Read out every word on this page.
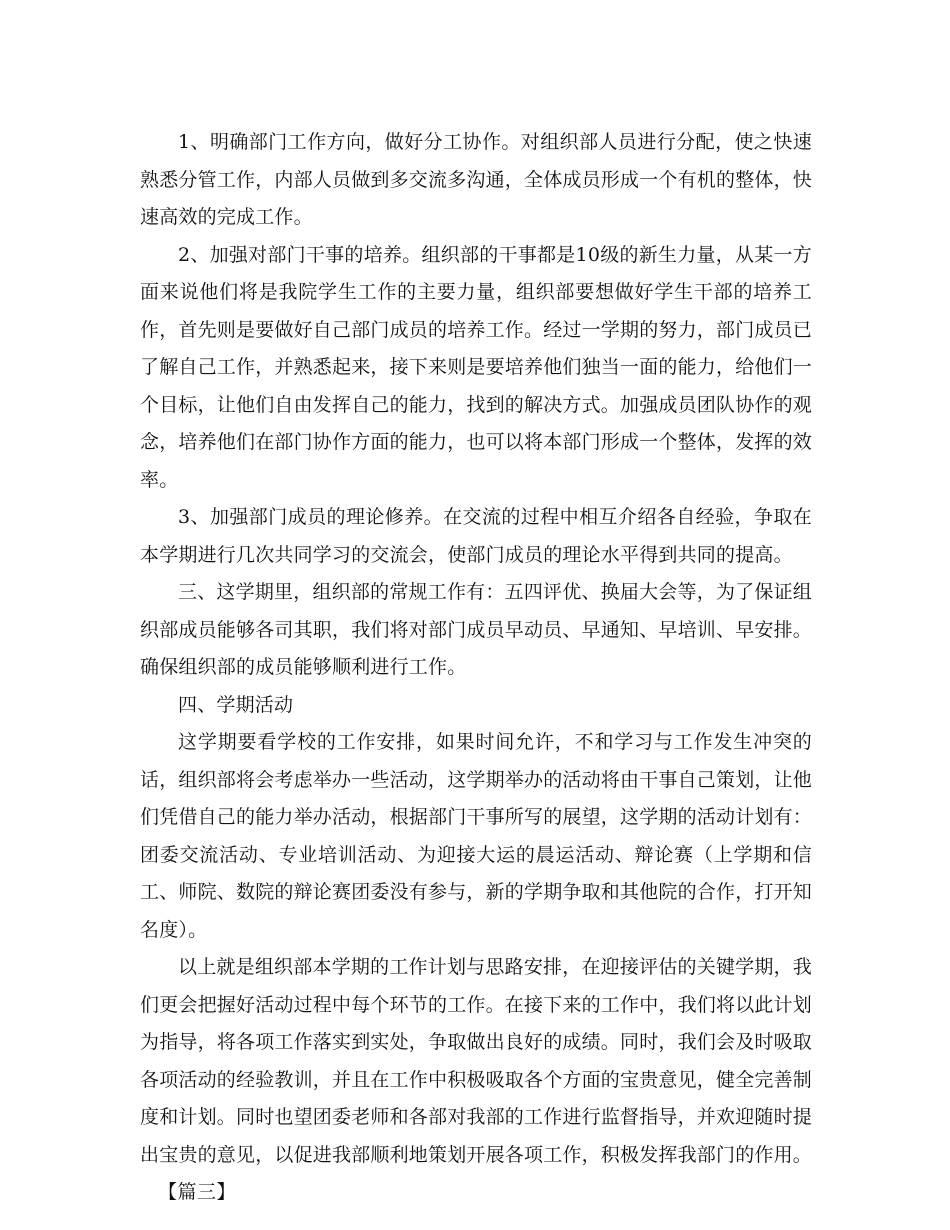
1、明确部门工作方向，做好分工协作。对组织部人员进行分配，使之快速熟悉分管工作，内部人员做到多交流多沟通，全体成员形成一个有机的整体，快速高效的完成工作。

2、加强对部门干事的培养。组织部的干事都是10级的新生力量，从某一方面来说他们将是我院学生工作的主要力量，组织部要想做好学生干部的培养工作，首先则是要做好自己部门成员的培养工作。经过一学期的努力，部门成员已了解自己工作，并熟悉起来，接下来则是要培养他们独当一面的能力，给他们一个目标，让他们自由发挥自己的能力，找到的解决方式。加强成员团队协作的观念，培养他们在部门协作方面的能力，也可以将本部门形成一个整体，发挥的效率。

3、加强部门成员的理论修养。在交流的过程中相互介绍各自经验，争取在本学期进行几次共同学习的交流会，使部门成员的理论水平得到共同的提高。

三、这学期里，组织部的常规工作有：五四评优、换届大会等，为了保证组织部成员能够各司其职，我们将对部门成员早动员、早通知、早培训、早安排。确保组织部的成员能够顺利进行工作。

四、学期活动

这学期要看学校的工作安排，如果时间允许，不和学习与工作发生冲突的话，组织部将会考虑举办一些活动，这学期举办的活动将由干事自己策划，让他们凭借自己的能力举办活动，根据部门干事所写的展望，这学期的活动计划有：团委交流活动、专业培训活动、为迎接大运的晨运活动、辩论赛（上学期和信工、师院、数院的辩论赛团委没有参与，新的学期争取和其他院的合作，打开知名度）。

以上就是组织部本学期的工作计划与思路安排，在迎接评估的关键学期，我们更会把握好活动过程中每个环节的工作。在接下来的工作中，我们将以此计划为指导，将各项工作落实到实处，争取做出良好的成绩。同时，我们会及时吸取各项活动的经验教训，并且在工作中积极吸取各个方面的宝贵意见，健全完善制度和计划。同时也望团委老师和各部对我部的工作进行监督指导，并欢迎随时提出宝贵的意见，以促进我部顺利地策划开展各项工作，积极发挥我部门的作用。

【篇三】
